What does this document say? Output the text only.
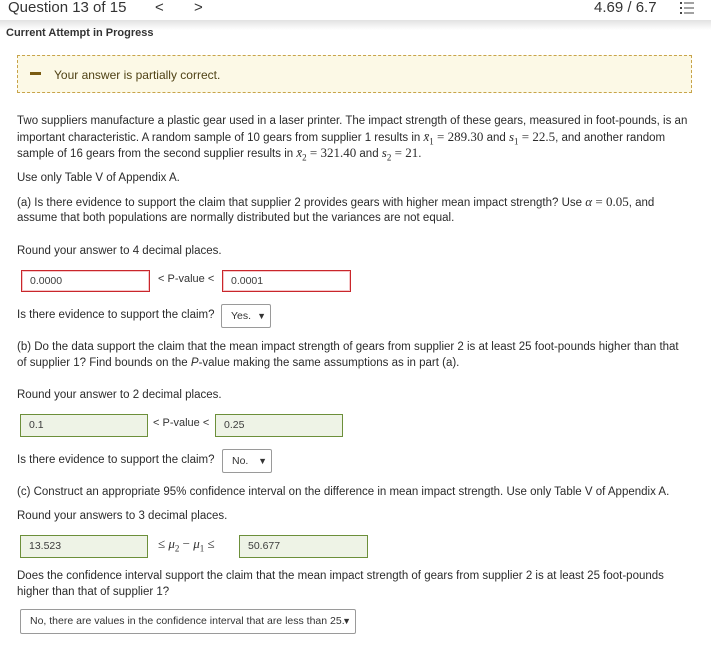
Question 13 of 15 < >	4.69 / 6.7
Current Attempt in Progress
Your answer is partially correct.
Two suppliers manufacture a plastic gear used in a laser printer. The impact strength of these gears, measured in foot-pounds, is an
important characteristic. A random sample of 10 gears from supplier 1 results in $x̄_1 = 289.30$ and $s_1 = 22.5$, and another random
sample of 16 gears from the second supplier results in $x̄_2 = 321.40$ and $s_2 = 21$.
Use only Table V of Appendix A.
(a) Is there evidence to support the claim that supplier 2 provides gears with higher mean impact strength? Use α = 0.05, and
assume that both populations are normally distributed but the variances are not equal.
Round your answer to 4 decimal places.
0.0000	< P-value <	0.0001
Is there evidence to support the claim?	Yes. ▼
(b) Do the data support the claim that the mean impact strength of gears from supplier 2 is at least 25 foot-pounds higher than that
of supplier 1? Find bounds on the P-value making the same assumptions as in part (a).
Round your answer to 2 decimal places.
0.1	< P-value <	0.25
Is there evidence to support the claim?	No. ▼
(c) Construct an appropriate 95% confidence interval on the difference in mean impact strength. Use only Table V of Appendix A.
Round your answers to 3 decimal places.
13.523	≤ $\mu_2 - \mu_1$ ≤	50.677
Does the confidence interval support the claim that the mean impact strength of gears from supplier 2 is at least 25 foot-pounds
higher than that of supplier 1?
No, there are values in the confidence interval that are less than 25.
▼
